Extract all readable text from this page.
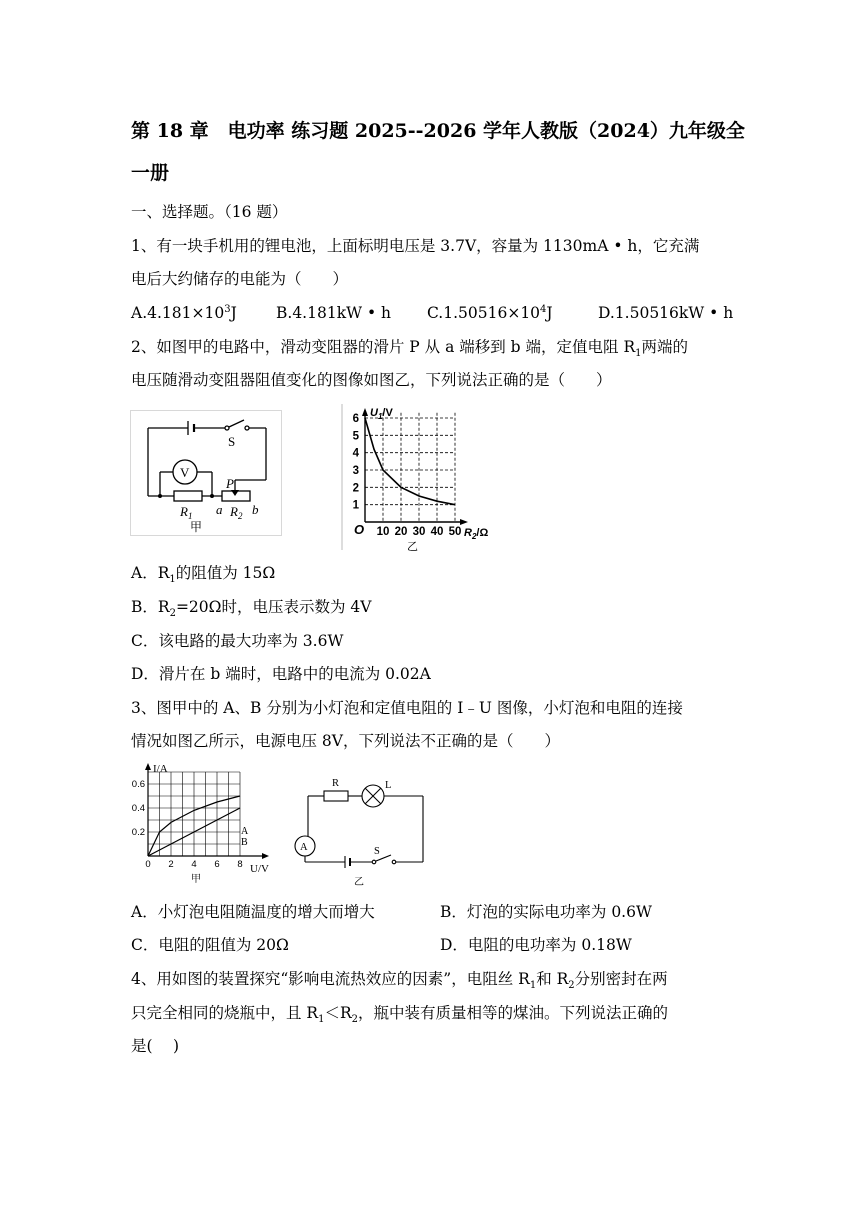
第 18 章　电功率 练习题 2025--2026 学年人教版（2024）九年级全
一册
一、选择题。（16 题）
1、有一块手机用的锂电池，上面标明电压是 3.7V，容量为 1130mA • h，它充满
电后大约储存的电能为（　　）
$A.4.181\times 10^3J$	B.4.181kW • h $C.1.50516\times 10^4J$	D.1.50516kW • h
2、如图甲的电路中，滑动变阻器的滑片 P 从 a 端移到 b 端，定值电阻 $R_1$两端的
电压随滑动变阻器阻值变化的图像如图乙，下列说法正确的是（　　）
S
V
P
$R_1$ a $R_2$ b
甲	10 20 30 40 50
1
2
3
4
5
6 $U_1/V$
$R_2/\Omega$
O
乙
A．$R_1$的阻值为 15Ω
B．$R_2=20\Omega$时，电压表示数为 4V
C．该电路的最大功率为 3.6W
D．滑片在 b 端时，电路中的电流为 0.02A
3、图甲中的 A、B 分别为小灯泡和定值电阻的 I﹣U 图像，小灯泡和电阻的连接
情况如图乙所示，电源电压 8V，下列说法不正确的是（　　）
0 2 4 6 8
0.2
0.4
0.6
I/A
U/V
A
B
甲
R	L
A	S
乙
A．小灯泡电阻随温度的增大而增大	B．灯泡的实际电功率为 0.6W
C．电阻的阻值为 20Ω	D．电阻的电功率为 0.18W
4、用如图的装置探究“影响电流热效应的因素”，电阻丝 $R_1$和 $R_2$分别密封在两
只完全相同的烧瓶中，且 $R_1<R_2$，瓶中装有质量相等的煤油。下列说法正确的
是(　 )
